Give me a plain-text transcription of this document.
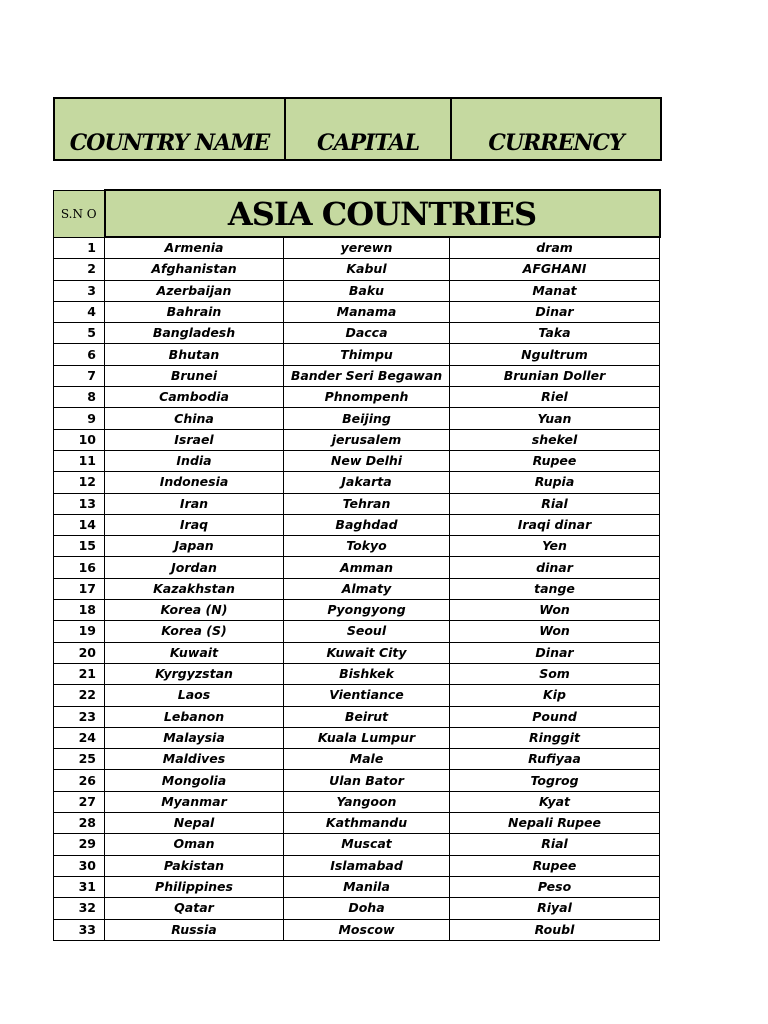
COUNTRY NAME	CAPITAL	CURRENCY
S.N O	ASIA COUNTRIES		
1	Armenia	yerewn	dram
2	Afghanistan	Kabul	AFGHANI
3	Azerbaijan	Baku	Manat
4	Bahrain	Manama	Dinar
5	Bangladesh	Dacca	Taka
6	Bhutan	Thimpu	Ngultrum
7	Brunei	Bander Seri Begawan	Brunian Doller
8	Cambodia	Phnompenh	Riel
9	China	Beijing	Yuan
10	Israel	jerusalem	shekel
11	India	New Delhi	Rupee
12	Indonesia	Jakarta	Rupia
13	Iran	Tehran	Rial
14	Iraq	Baghdad	Iraqi dinar
15	Japan	Tokyo	Yen
16	Jordan	Amman	dinar
17	Kazakhstan	Almaty	tange
18	Korea (N)	Pyongyong	Won
19	Korea (S)	Seoul	Won
20	Kuwait	Kuwait City	Dinar
21	Kyrgyzstan	Bishkek	Som
22	Laos	Vientiance	Kip
23	Lebanon	Beirut	Pound
24	Malaysia	Kuala Lumpur	Ringgit
25	Maldives	Male	Rufiyaa
26	Mongolia	Ulan Bator	Togrog
27	Myanmar	Yangoon	Kyat
28	Nepal	Kathmandu	Nepali Rupee
29	Oman	Muscat	Rial
30	Pakistan	Islamabad	Rupee
31	Philippines	Manila	Peso
32	Qatar	Doha	Riyal
33	Russia	Moscow	Roubl
